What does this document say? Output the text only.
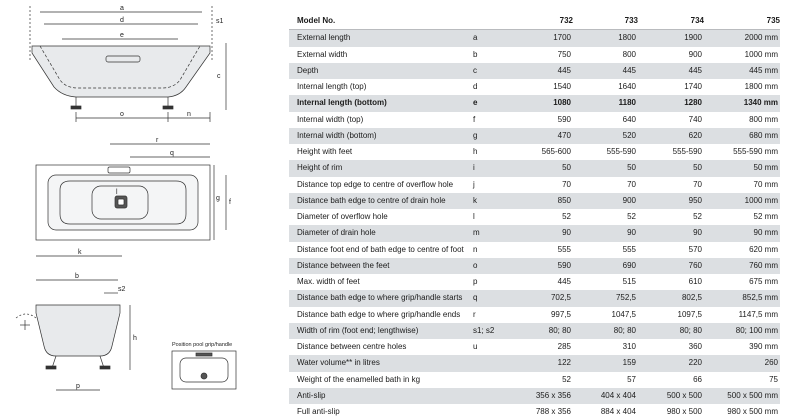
a
d
e
s1
c
o	n
r
q
f
g
k
l
b
s2
h
p
Position pool grip/handle
Model No.		732	733	734	735
External length	a	1700	1800	1900	2000 mm
External width	b	750	800	900	1000 mm
Depth	c	445	445	445	445 mm
Internal length (top)	d	1540	1640	1740	1800 mm
Internal length (bottom)	e	1080	1180	1280	1340 mm
Internal width (top)	f	590	640	740	800 mm
Internal width (bottom)	g	470	520	620	680 mm
Height with feet	h	565-600	555-590	555-590	555-590 mm
Height of rim	i	50	50	50	50 mm
Distance top edge to centre of overflow hole	j	70	70	70	70 mm
Distance bath edge to centre of drain hole	k	850	900	950	1000 mm
Diameter of overflow hole	l	52	52	52	52 mm
Diameter of drain hole	m	90	90	90	90 mm
Distance foot end of bath edge to centre of foot	n	555	555	570	620 mm
Distance between the feet	o	590	690	760	760 mm
Max. width of feet	p	445	515	610	675 mm
Distance bath edge to where grip/handle starts	q	702,5	752,5	802,5	852,5 mm
Distance bath edge to where grip/handle ends	r	997,5	1047,5	1097,5	1147,5 mm
Width of rim (foot end; lengthwise)	s1; s2	80; 80	80; 80	80; 80	80; 100 mm
Distance between centre holes	u	285	310	360	390 mm
Water volume** in litres		122	159	220	260
Weight of the enamelled bath in kg		52	57	66	75
Anti-slip		356 x 356	404 x 404	500 x 500	500 x 500 mm
Full anti-slip		788 x 356	884 x 404	980 x 500	980 x 500 mm
